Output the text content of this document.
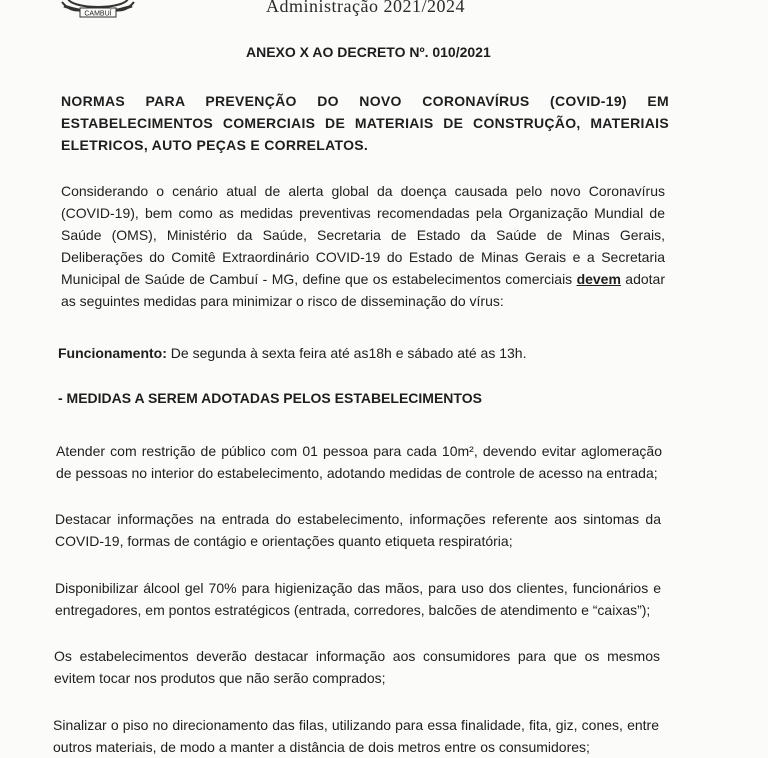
CAMBUÍ	Administração 2021/2024
ANEXO X AO DECRETO Nº. 010/2021
NORMAS PARA PREVENÇÃO DO NOVO CORONAVÍRUS (COVID-19) EM ESTABELECIMENTOS COMERCIAIS DE MATERIAIS DE CONSTRUÇÃO, MATERIAIS ELETRICOS, AUTO PEÇAS E CORRELATOS.
Considerando o cenário atual de alerta global da doença causada pelo novo Coronavírus (COVID-19), bem como as medidas preventivas recomendadas pela Organização Mundial de Saúde (OMS), Ministério da Saúde, Secretaria de Estado da Saúde de Minas Gerais, Deliberações do Comitê Extraordinário COVID-19 do Estado de Minas Gerais e a Secretaria Municipal de Saúde de Cambuí - MG, define que os estabelecimentos comerciais devem adotar as seguintes medidas para minimizar o risco de disseminação do vírus:
Funcionamento: De segunda à sexta feira até as18h e sábado até as 13h.
- MEDIDAS A SEREM ADOTADAS PELOS ESTABELECIMENTOS
Atender com restrição de público com 01 pessoa para cada 10m², devendo evitar aglomeração de pessoas no interior do estabelecimento, adotando medidas de controle de acesso na entrada;
Destacar informações na entrada do estabelecimento, informações referente aos sintomas da COVID-19, formas de contágio e orientações quanto etiqueta respiratória;
Disponibilizar álcool gel 70% para higienização das mãos, para uso dos clientes, funcionários e entregadores, em pontos estratégicos (entrada, corredores, balcões de atendimento e “caixas”);
Os estabelecimentos deverão destacar informação aos consumidores para que os mesmos evitem tocar nos produtos que não serão comprados;
Sinalizar o piso no direcionamento das filas, utilizando para essa finalidade, fita, giz, cones, entre outros materiais, de modo a manter a distância de dois metros entre os consumidores;
